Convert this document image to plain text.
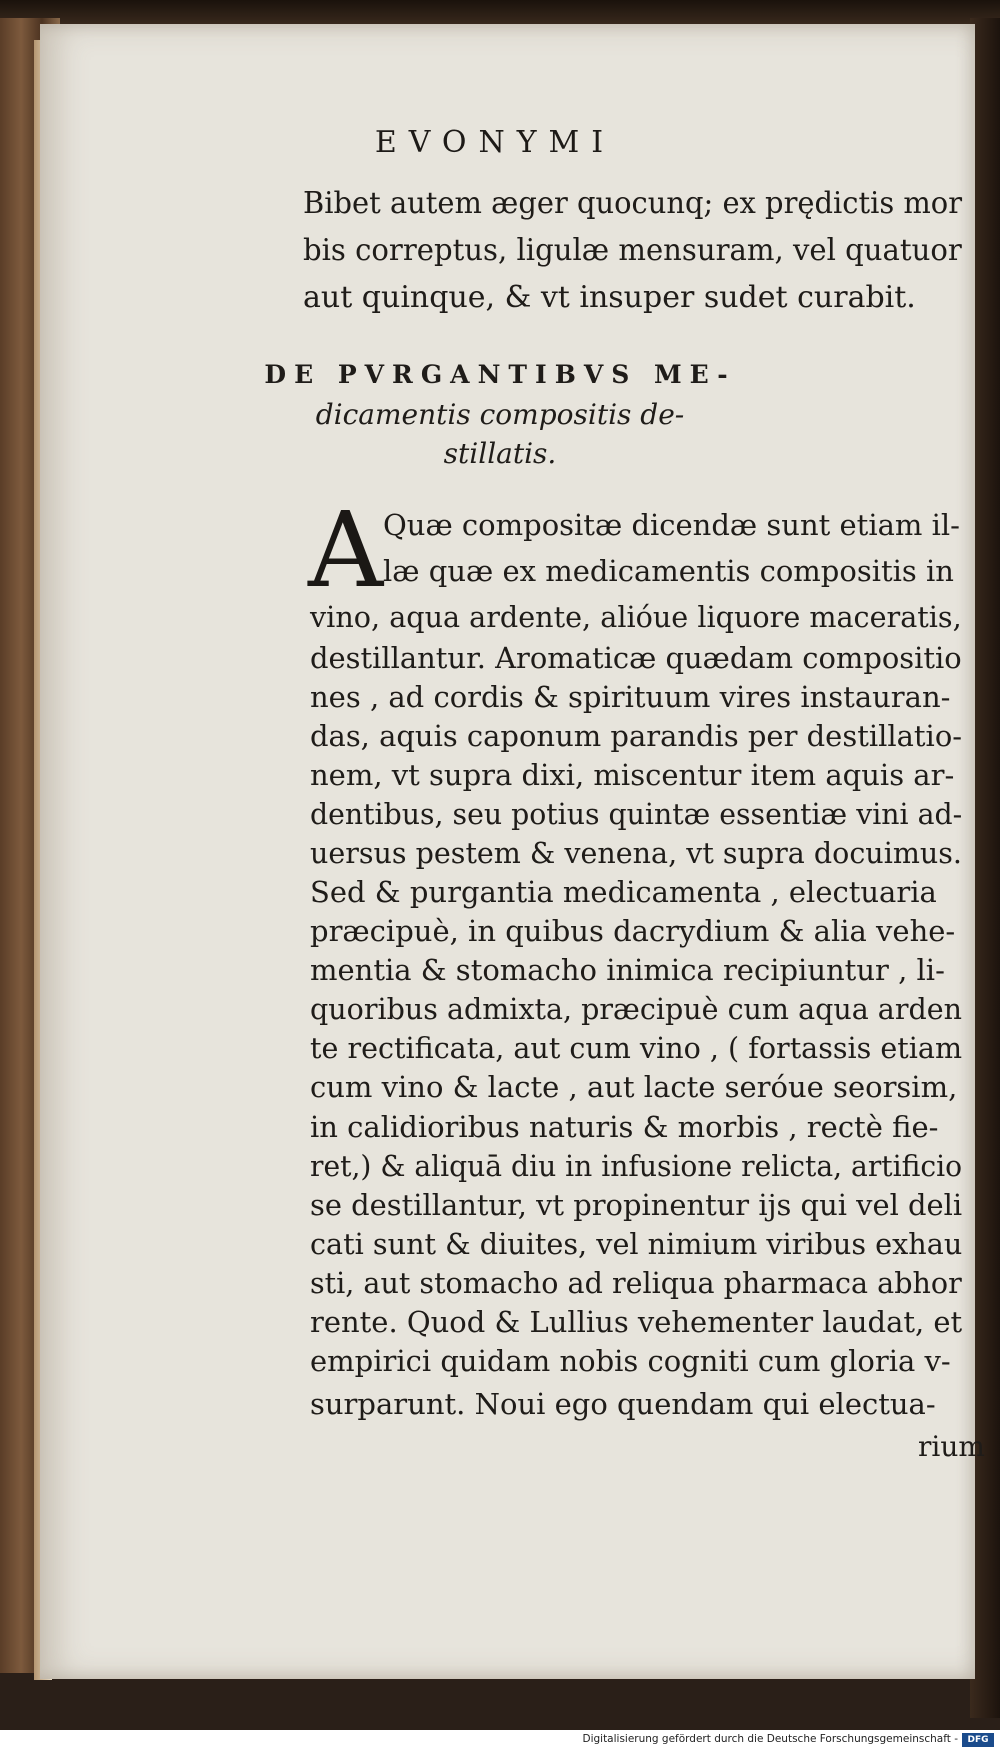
EVONYMI
Bibet autem æger quocunq; ex prędictis mor
bis correptus, ligulæ mensuram, vel quatuor
aut quinque, & vt insuper sudet curabit.
DE PVRGANTIBVS ME-
dicamentis compositis de-
stillatis.
A Quæ compositæ dicendæ sunt etiam il-
læ quæ ex medicamentis compositis in
vino, aqua ardente, alióue liquore maceratis,
destillantur. Aromaticæ quædam compositio
nes , ad cordis & spirituum vires instauran-
das, aquis caponum parandis per destillatio-
nem, vt supra dixi, miscentur item aquis ar-
dentibus, seu potius quintæ essentiæ vini ad-
uersus pestem & venena, vt supra docuimus.
Sed & purgantia medicamenta , electuaria
præcipuè, in quibus dacrydium & alia vehe-
mentia & stomacho inimica recipiuntur , li-
quoribus admixta, præcipuè cum aqua arden
te rectificata, aut cum vino , ( fortassis etiam
cum vino & lacte , aut lacte seróue seorsim,
in calidioribus naturis & morbis , rectè fie-
ret,) & aliquā diu in infusione relicta, artificio
se destillantur, vt propinentur ijs qui vel deli
cati sunt & diuites, vel nimium viribus exhau
sti, aut stomacho ad reliqua pharmaca abhor
rente. Quod & Lullius vehementer laudat, et
empirici quidam nobis cogniti cum gloria v-
surparunt. Noui ego quendam qui electua-
rium
Digitalisierung gefördert durch die Deutsche Forschungsgemeinschaft -	DFG
